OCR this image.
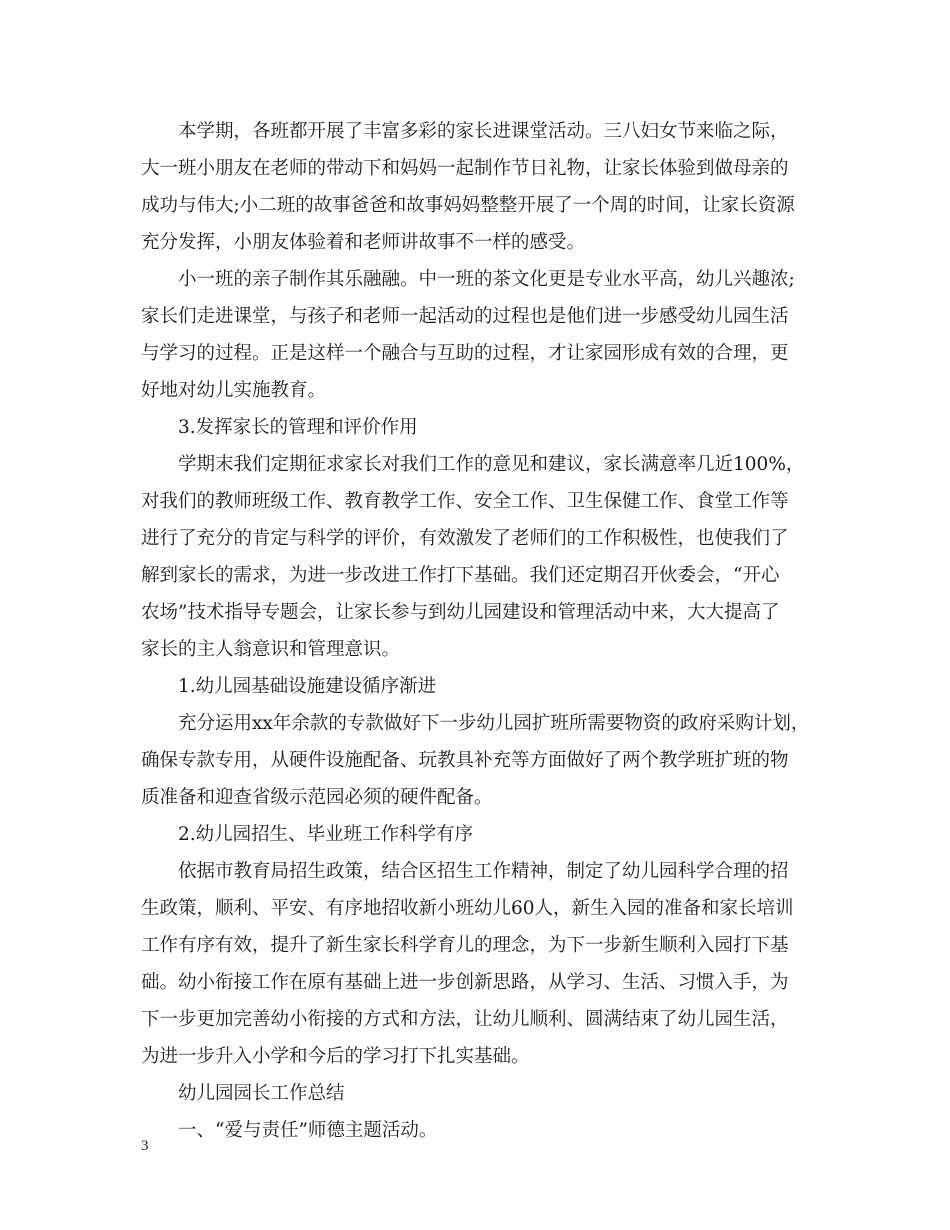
本学期，各班都开展了丰富多彩的家长进课堂活动。三八妇女节来临之际，
大一班小朋友在老师的带动下和妈妈一起制作节日礼物，让家长体验到做母亲的
成功与伟大;小二班的故事爸爸和故事妈妈整整开展了一个周的时间，让家长资源
充分发挥，小朋友体验着和老师讲故事不一样的感受。
小一班的亲子制作其乐融融。中一班的茶文化更是专业水平高，幼儿兴趣浓;
家长们走进课堂，与孩子和老师一起活动的过程也是他们进一步感受幼儿园生活
与学习的过程。正是这样一个融合与互助的过程，才让家园形成有效的合理，更
好地对幼儿实施教育。
3.发挥家长的管理和评价作用
学期末我们定期征求家长对我们工作的意见和建议，家长满意率几近100%，
对我们的教师班级工作、教育教学工作、安全工作、卫生保健工作、食堂工作等
进行了充分的肯定与科学的评价，有效激发了老师们的工作积极性，也使我们了
解到家长的需求，为进一步改进工作打下基础。我们还定期召开伙委会，“开心
农场”技术指导专题会，让家长参与到幼儿园建设和管理活动中来，大大提高了
家长的主人翁意识和管理意识。
1.幼儿园基础设施建设循序渐进
充分运用xx年余款的专款做好下一步幼儿园扩班所需要物资的政府采购计划，
确保专款专用，从硬件设施配备、玩教具补充等方面做好了两个教学班扩班的物
质准备和迎查省级示范园必须的硬件配备。
2.幼儿园招生、毕业班工作科学有序
依据市教育局招生政策，结合区招生工作精神，制定了幼儿园科学合理的招
生政策，顺利、平安、有序地招收新小班幼儿60人，新生入园的准备和家长培训
工作有序有效，提升了新生家长科学育儿的理念，为下一步新生顺利入园打下基
础。幼小衔接工作在原有基础上进一步创新思路，从学习、生活、习惯入手，为
下一步更加完善幼小衔接的方式和方法，让幼儿顺利、圆满结束了幼儿园生活，
为进一步升入小学和今后的学习打下扎实基础。
幼儿园园长工作总结
一、“爱与责任”师德主题活动。
3
